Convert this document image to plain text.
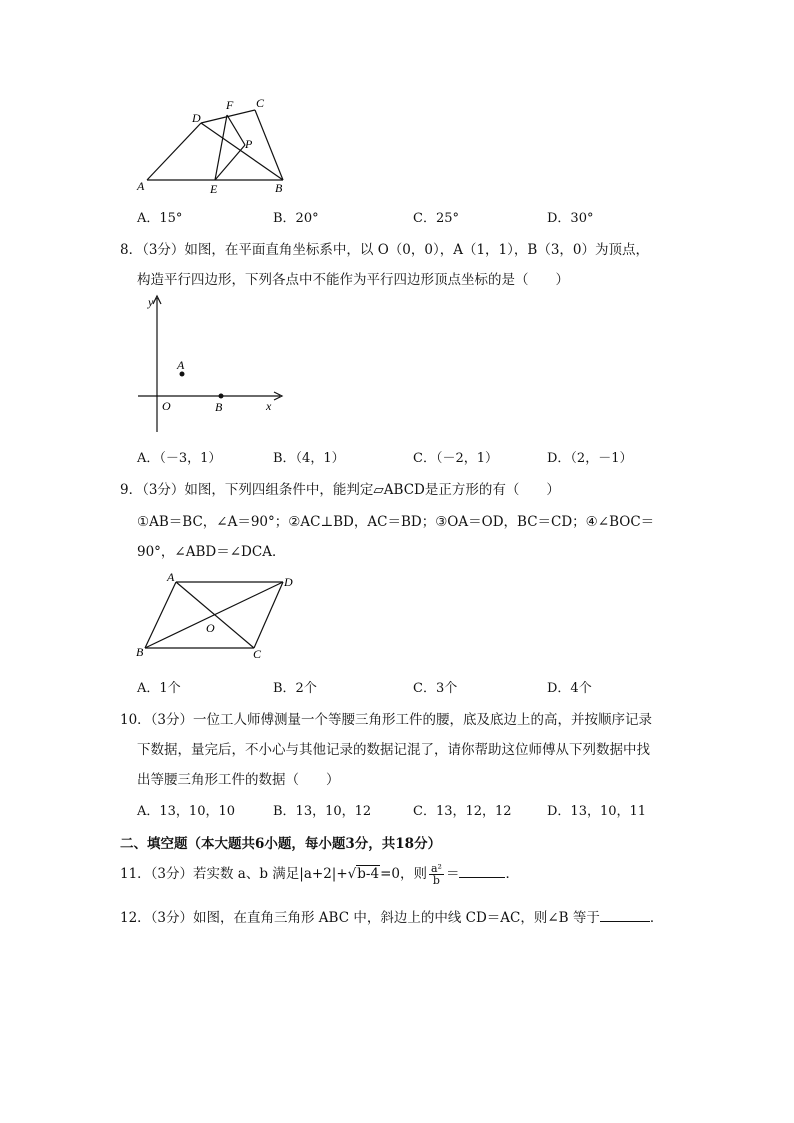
D
F C
P
A	E	B
A．15°	B．20°	C．25°	D．30°
8．（3分）如图，在平面直角坐标系中，以 O（0，0），A（1，1），B（3，0）为顶点，
构造平行四边形，下列各点中不能作为平行四边形顶点坐标的是（　　）
y
x
O
A
B
A．（－3，1）	B．（4，1）	C．（－2，1）	D．（2，－1）
9．（3分）如图，下列四组条件中，能判定▱ABCD是正方形的有（　　）
①AB＝BC，∠A＝90°；②AC⊥BD，AC＝BD；③OA＝OD，BC＝CD；④∠BOC＝
90°，∠ABD＝∠DCA．
A	D
O
B	C
A．1个	B．2个	C．3个	D．4个
10．（3分）一位工人师傅测量一个等腰三角形工件的腰，底及底边上的高，并按顺序记录
下数据，量完后，不小心与其他记录的数据记混了，请你帮助这位师傅从下列数据中找
出等腰三角形工件的数据（　　）
A．13，10，10	B．13，10，12	C．13，12，12	D．13，10，11
二、填空题（本大题共6小题，每小题3分，共18分）
11．（3分）若实数 a、b 满足|a+2|+√b-4=0，则 $\frac{\text{a²}}{b}$ ＝	．
12．（3分）如图，在直角三角形 ABC 中，斜边上的中线 CD＝AC，则∠B 等于	．
